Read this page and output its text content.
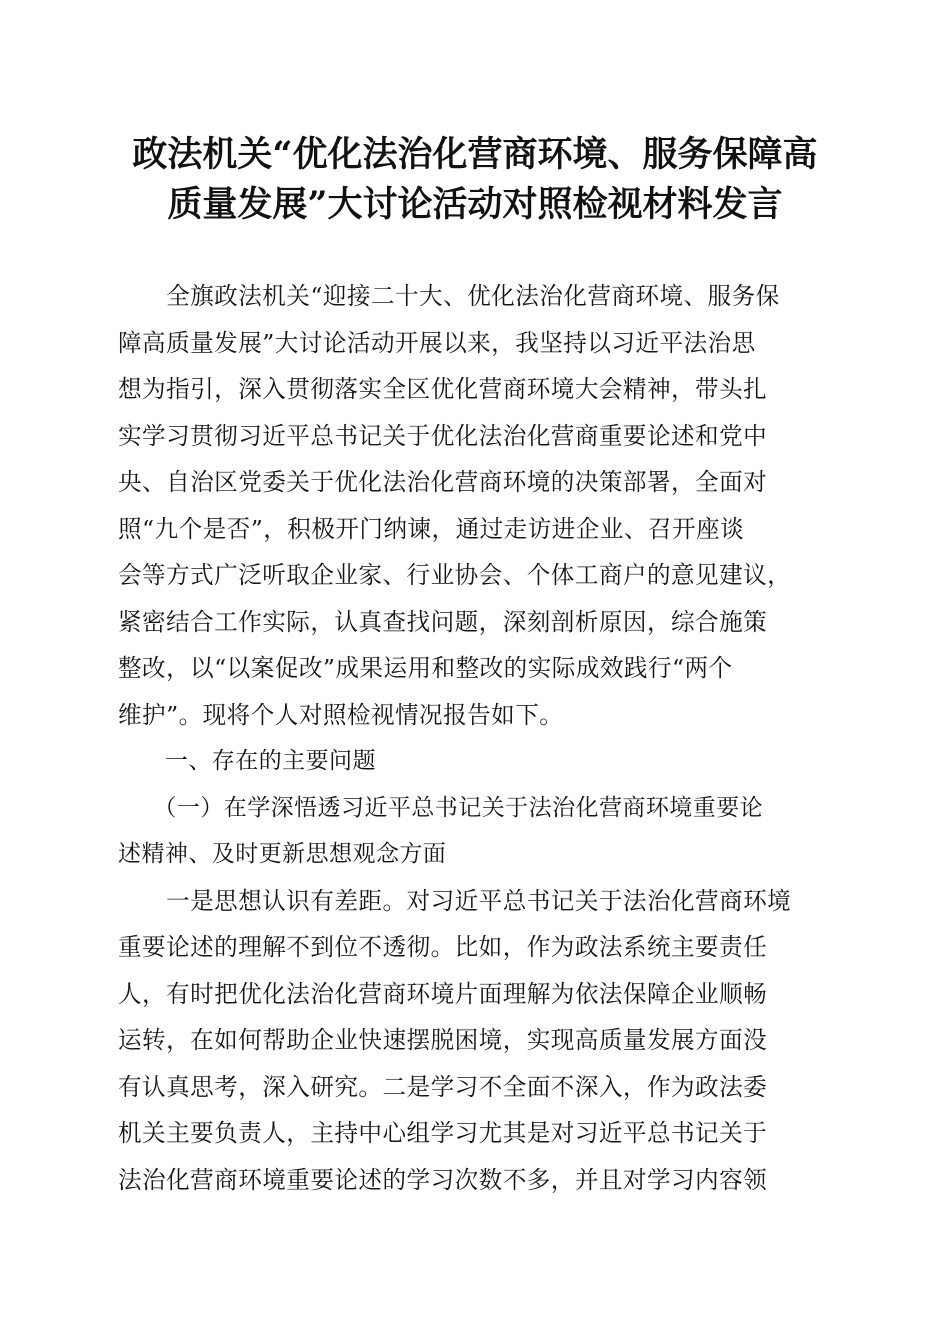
政法机关“优化法治化营商环境、服务保障高
质量发展”大讨论活动对照检视材料发言

　　全旗政法机关“迎接二十大、优化法治化营商环境、服务保
障高质量发展”大讨论活动开展以来，我坚持以习近平法治思
想为指引，深入贯彻落实全区优化营商环境大会精神，带头扎
实学习贯彻习近平总书记关于优化法治化营商重要论述和党中
央、自治区党委关于优化法治化营商环境的决策部署，全面对
照“九个是否”，积极开门纳谏，通过走访进企业、召开座谈
会等方式广泛听取企业家、行业协会、个体工商户的意见建议，
紧密结合工作实际，认真查找问题，深刻剖析原因，综合施策
整改，以“以案促改”成果运用和整改的实际成效践行“两个
维护”。现将个人对照检视情况报告如下。

　　一、存在的主要问题

　　（一）在学深悟透习近平总书记关于法治化营商环境重要论
述精神、及时更新思想观念方面

　　一是思想认识有差距。对习近平总书记关于法治化营商环境
重要论述的理解不到位不透彻。比如，作为政法系统主要责任
人，有时把优化法治化营商环境片面理解为依法保障企业顺畅
运转，在如何帮助企业快速摆脱困境，实现高质量发展方面没
有认真思考，深入研究。二是学习不全面不深入，作为政法委
机关主要负责人，主持中心组学习尤其是对习近平总书记关于
法治化营商环境重要论述的学习次数不多，并且对学习内容领
